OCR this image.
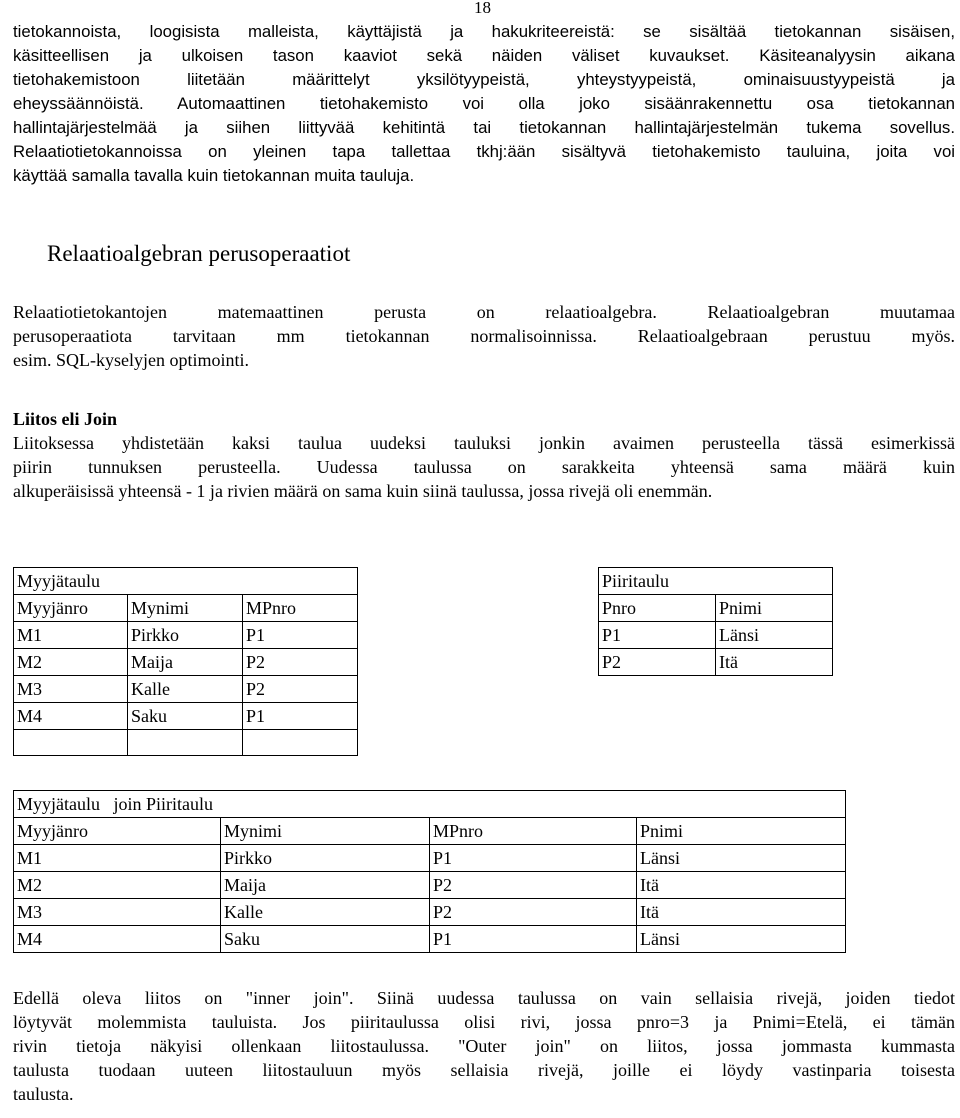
18
tietokannoista, loogisista malleista, käyttäjistä ja hakukriteereistä: se sisältää tietokannan sisäisen,
käsitteellisen ja ulkoisen tason kaaviot sekä näiden väliset kuvaukset. Käsiteanalyysin aikana
tietohakemistoon liitetään määrittelyt yksilötyypeistä, yhteystyypeistä, ominaisuustyypeistä ja
eheyssäännöistä. Automaattinen tietohakemisto voi olla joko sisäänrakennettu osa tietokannan
hallintajärjestelmää ja siihen liittyvää kehitintä tai tietokannan hallintajärjestelmän tukema sovellus.
Relaatiotietokannoissa on yleinen tapa tallettaa tkhj:ään sisältyvä tietohakemisto tauluina, joita voi
käyttää samalla tavalla kuin tietokannan muita tauluja.
Relaatioalgebran perusoperaatiot
Relaatiotietokantojen matemaattinen perusta on relaatioalgebra. Relaatioalgebran muutamaa
perusoperaatiota tarvitaan mm tietokannan normalisoinnissa. Relaatioalgebraan perustuu myös.
esim. SQL-kyselyjen optimointi.
Liitos eli Join
Liitoksessa yhdistetään kaksi taulua uudeksi tauluksi jonkin avaimen perusteella tässä esimerkissä
piirin tunnuksen perusteella. Uudessa taulussa on sarakkeita yhteensä sama määrä kuin
alkuperäisissä yhteensä - 1 ja rivien määrä on sama kuin siinä taulussa, jossa rivejä oli enemmän.
Myyjätaulu		
Myyjänro	Mynimi	MPnro
M1	Pirkko	P1
M2	Maija	P2
M3	Kalle	P2
M4	Saku	P1

Piiritaulu	
Pnro	Pnimi
P1	Länsi
P2	Itä
Myyjätaulu   join Piiritaulu			
Myyjänro	Mynimi	MPnro	Pnimi
M1	Pirkko	P1	Länsi
M2	Maija	P2	Itä
M3	Kalle	P2	Itä
M4	Saku	P1	Länsi
Edellä oleva liitos on "inner join". Siinä uudessa taulussa on vain sellaisia rivejä, joiden tiedot
löytyvät molemmista tauluista. Jos piiritaulussa olisi rivi, jossa pnro=3 ja Pnimi=Etelä, ei tämän
rivin tietoja näkyisi ollenkaan liitostaulussa. "Outer join" on liitos, jossa jommasta kummasta
taulusta tuodaan uuteen liitostauluun myös sellaisia rivejä, joille ei löydy vastinparia toisesta
taulusta.
